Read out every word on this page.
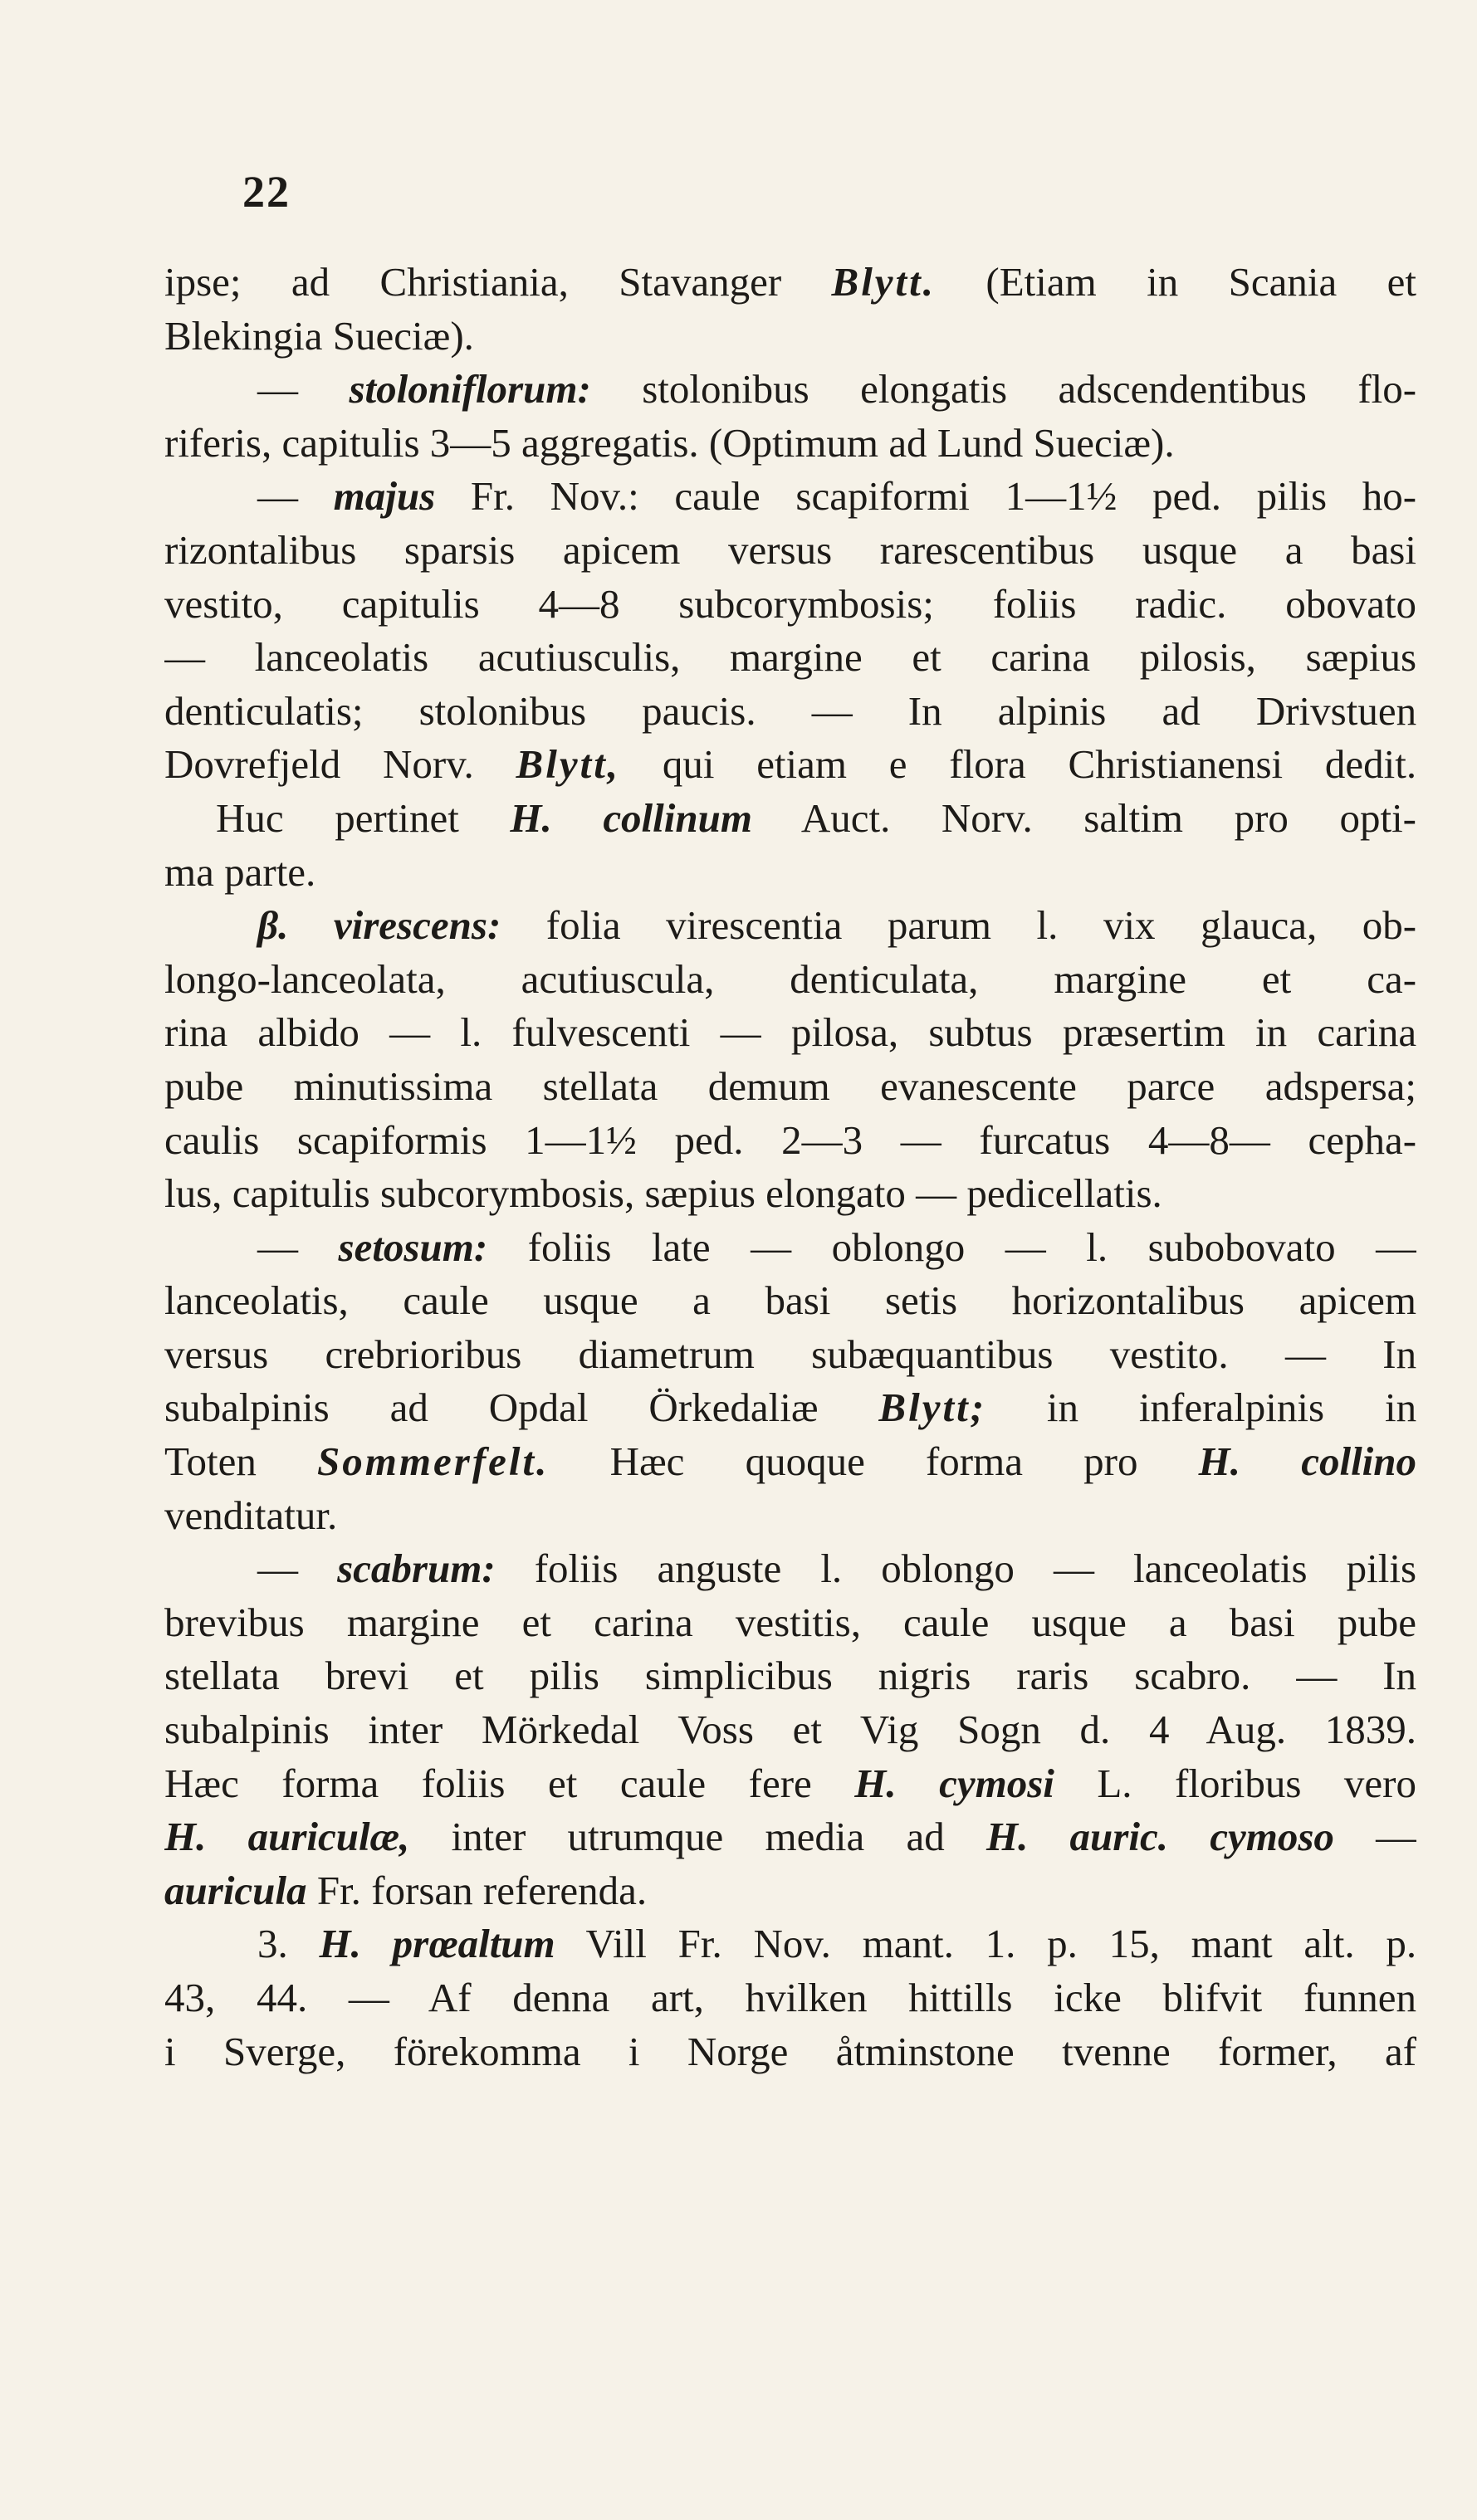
22
ipse; ad Christiania, Stavanger Blytt. (Etiam in Scania et
Blekingia Sueciæ).
— stoloniflorum: stolonibus elongatis adscendentibus flo-
riferis, capitulis 3—5 aggregatis. (Optimum ad Lund Sueciæ).
— majus Fr. Nov.: caule scapiformi 1—1½ ped. pilis ho-
rizontalibus sparsis apicem versus rarescentibus usque a basi
vestito, capitulis 4—8 subcorymbosis; foliis radic. obovato
— lanceolatis acutiusculis, margine et carina pilosis, sæpius
denticulatis; stolonibus paucis. — In alpinis ad Drivstuen
Dovrefjeld Norv. Blytt, qui etiam e flora Christianensi dedit.
Huc pertinet H. collinum Auct. Norv. saltim pro opti-
ma parte.
β. virescens: folia virescentia parum l. vix glauca, ob-
longo-lanceolata, acutiuscula, denticulata, margine et ca-
rina albido — l. fulvescenti — pilosa, subtus præsertim in carina
pube minutissima stellata demum evanescente parce adspersa;
caulis scapiformis 1—1½ ped. 2—3 — furcatus 4—8— cepha-
lus, capitulis subcorymbosis, sæpius elongato — pedicellatis.
— setosum: foliis late — oblongo — l. subobovato —
lanceolatis, caule usque a basi setis horizontalibus apicem
versus crebrioribus diametrum subæquantibus vestito. — In
subalpinis ad Opdal Örkedaliæ Blytt; in inferalpinis in
Toten Sommerfelt. Hæc quoque forma pro H. collino
venditatur.
— scabrum: foliis anguste l. oblongo — lanceolatis pilis
brevibus margine et carina vestitis, caule usque a basi pube
stellata brevi et pilis simplicibus nigris raris scabro. — In
subalpinis inter Mörkedal Voss et Vig Sogn d. 4 Aug. 1839.
Hæc forma foliis et caule fere H. cymosi L. floribus vero
H. auriculæ, inter utrumque media ad H. auric. cymoso —
auricula Fr. forsan referenda.
3. H. prœaltum Vill Fr. Nov. mant. 1. p. 15, mant alt. p.
43, 44. — Af denna art, hvilken hittills icke blifvit funnen
i Sverge, förekomma i Norge åtminstone tvenne former, af
